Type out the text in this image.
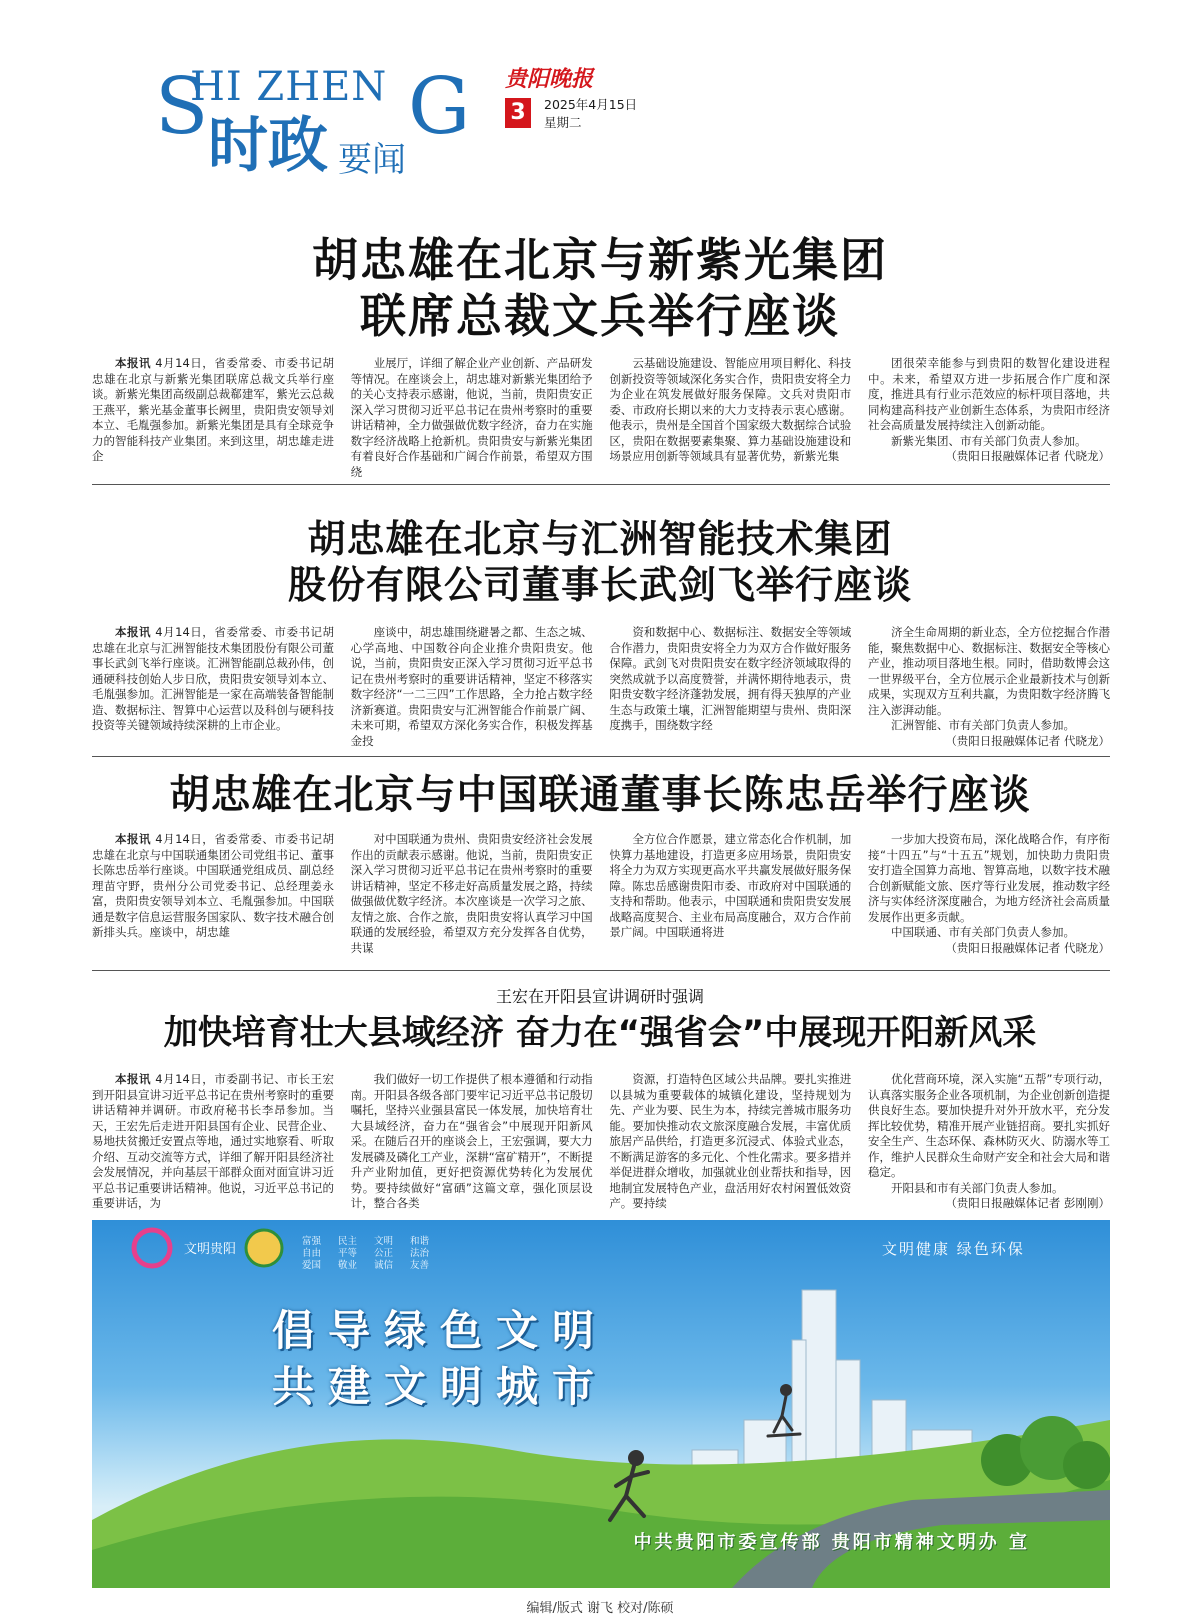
S
HI ZHEN G
时政 要闻
贵阳晚报
3	2025年4月15日
星期二
胡忠雄在北京与新紫光集团
联席总裁文兵举行座谈

本报讯 4月14日，省委常委、市委书记胡忠雄在北京与新紫光集团联席总裁文兵举行座谈。新紫光集团高级副总裁郗建军，紫光云总裁王燕平，紫光基金董事长阙里，贵阳贵安领导刘本立、毛胤强参加。新紫光集团是具有全球竞争力的智能科技产业集团。来到这里，胡忠雄走进企

业展厅，详细了解企业产业创新、产品研发等情况。在座谈会上，胡忠雄对新紫光集团给予的关心支持表示感谢，他说，当前，贵阳贵安正深入学习贯彻习近平总书记在贵州考察时的重要讲话精神，全力做强做优数字经济，奋力在实施数字经济战略上抢新机。贵阳贵安与新紫光集团有着良好合作基础和广阔合作前景，希望双方围绕

云基础设施建设、智能应用项目孵化、科技创新投资等领域深化务实合作，贵阳贵安将全力为企业在筑发展做好服务保障。文兵对贵阳市委、市政府长期以来的大力支持表示衷心感谢。他表示，贵州是全国首个国家级大数据综合试验区，贵阳在数据要素集聚、算力基础设施建设和场景应用创新等领域具有显著优势，新紫光集

团很荣幸能参与到贵阳的数智化建设进程中。未来，希望双方进一步拓展合作广度和深度，推进具有行业示范效应的标杆项目落地，共同构建高科技产业创新生态体系，为贵阳市经济社会高质量发展持续注入创新动能。

新紫光集团、市有关部门负责人参加。

（贵阳日报融媒体记者 代晓龙）

胡忠雄在北京与汇洲智能技术集团
股份有限公司董事长武剑飞举行座谈

本报讯 4月14日，省委常委、市委书记胡忠雄在北京与汇洲智能技术集团股份有限公司董事长武剑飞举行座谈。汇洲智能副总裁孙伟，创通硬科技创始人步日欣，贵阳贵安领导刘本立、毛胤强参加。汇洲智能是一家在高端装备智能制造、数据标注、智算中心运营以及科创与硬科技投资等关键领域持续深耕的上市企业。

座谈中，胡忠雄围绕避暑之都、生态之城、心学高地、中国数谷向企业推介贵阳贵安。他说，当前，贵阳贵安正深入学习贯彻习近平总书记在贵州考察时的重要讲话精神，坚定不移落实数字经济“一二三四”工作思路，全力抢占数字经济新赛道。贵阳贵安与汇洲智能合作前景广阔、未来可期，希望双方深化务实合作，积极发挥基金投

资和数据中心、数据标注、数据安全等领域合作潜力，贵阳贵安将全力为双方合作做好服务保障。武剑飞对贵阳贵安在数字经济领域取得的突然成就予以高度赞誉，并满怀期待地表示，贵阳贵安数字经济蓬勃发展，拥有得天独厚的产业生态与政策土壤，汇洲智能期望与贵州、贵阳深度携手，围绕数字经

济全生命周期的新业态，全方位挖掘合作潜能，聚焦数据中心、数据标注、数据安全等核心产业，推动项目落地生根。同时，借助数博会这一世界级平台，全方位展示企业最新技术与创新成果，实现双方互利共赢，为贵阳数字经济腾飞注入澎湃动能。

汇洲智能、市有关部门负责人参加。

（贵阳日报融媒体记者 代晓龙）

胡忠雄在北京与中国联通董事长陈忠岳举行座谈

本报讯 4月14日，省委常委、市委书记胡忠雄在北京与中国联通集团公司党组书记、董事长陈忠岳举行座谈。中国联通党组成员、副总经理苗守野，贵州分公司党委书记、总经理姜永富，贵阳贵安领导刘本立、毛胤强参加。中国联通是数字信息运营服务国家队、数字技术融合创新排头兵。座谈中，胡忠雄

对中国联通为贵州、贵阳贵安经济社会发展作出的贡献表示感谢。他说，当前，贵阳贵安正深入学习贯彻习近平总书记在贵州考察时的重要讲话精神，坚定不移走好高质量发展之路，持续做强做优数字经济。本次座谈是一次学习之旅、友情之旅、合作之旅，贵阳贵安将认真学习中国联通的发展经验，希望双方充分发挥各自优势，共谋

全方位合作愿景，建立常态化合作机制，加快算力基地建设，打造更多应用场景，贵阳贵安将全力为双方实现更高水平共赢发展做好服务保障。陈忠岳感谢贵阳市委、市政府对中国联通的支持和帮助。他表示，中国联通和贵阳贵安发展战略高度契合、主业布局高度融合，双方合作前景广阔。中国联通将进

一步加大投资布局，深化战略合作，有序衔接“十四五”与“十五五”规划，加快助力贵阳贵安打造全国算力高地、智算高地，以数字技术融合创新赋能文旅、医疗等行业发展，推动数字经济与实体经济深度融合，为地方经济社会高质量发展作出更多贡献。

中国联通、市有关部门负责人参加。

（贵阳日报融媒体记者 代晓龙）

王宏在开阳县宣讲调研时强调
加快培育壮大县域经济 奋力在“强省会”中展现开阳新风采

本报讯 4月14日，市委副书记、市长王宏到开阳县宣讲习近平总书记在贵州考察时的重要讲话精神并调研。市政府秘书长李昂参加。当天，王宏先后走进开阳县国有企业、民营企业、易地扶贫搬迁安置点等地，通过实地察看、听取介绍、互动交流等方式，详细了解开阳县经济社会发展情况，并向基层干部群众面对面宣讲习近平总书记重要讲话精神。他说，习近平总书记的重要讲话，为

我们做好一切工作提供了根本遵循和行动指南。开阳县各级各部门要牢记习近平总书记殷切嘱托，坚持兴业强县富民一体发展，加快培育壮大县域经济，奋力在“强省会”中展现开阳新风采。在随后召开的座谈会上，王宏强调，要大力发展磷及磷化工产业，深耕“富矿精开”，不断提升产业附加值，更好把资源优势转化为发展优势。要持续做好“富硒”这篇文章，强化顶层设计，整合各类

资源，打造特色区域公共品牌。要扎实推进以县城为重要载体的城镇化建设，坚持规划为先、产业为要、民生为本，持续完善城市服务功能。要加快推动农文旅深度融合发展，丰富优质旅居产品供给，打造更多沉浸式、体验式业态，不断满足游客的多元化、个性化需求。要多措并举促进群众增收，加强就业创业帮扶和指导，因地制宜发展特色产业，盘活用好农村闲置低效资产。要持续

优化营商环境，深入实施“五帮”专项行动，认真落实服务企业各项机制，为企业创新创造提供良好生态。要加快提升对外开放水平，充分发挥比较优势，精准开展产业链招商。要扎实抓好安全生产、生态环保、森林防灭火、防溺水等工作，维护人民群众生命财产安全和社会大局和谐稳定。

开阳县和市有关部门负责人参加。

（贵阳日报融媒体记者 彭刚刚）

文明贵阳
富强	民主	文明	和谐
自由	平等	公正	法治
爱国	敬业	诚信	友善
文明健康 绿色环保
倡导绿色文明
共建文明城市
中共贵阳市委宣传部 贵阳市精神文明办 宣
编辑/版式 谢飞 校对/陈硕
